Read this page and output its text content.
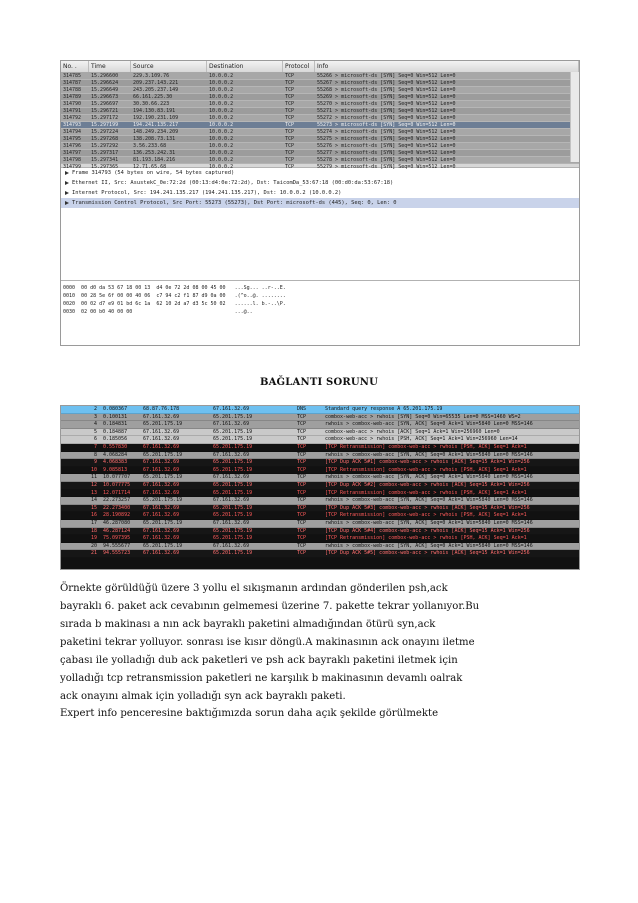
No. .	Time	Source	Destination	Protocol	Info
314785	15.296600	229.3.109.76	10.0.0.2	TCP	55266 > microsoft-ds [SYN] Seq=0 Win=512 Len=0
314787	15.296624	209.237.143.221	10.0.0.2	TCP	55267 > microsoft-ds [SYN] Seq=0 Win=512 Len=0
314788	15.296649	243.205.237.149	10.0.0.2	TCP	55268 > microsoft-ds [SYN] Seq=0 Win=512 Len=0
314789	15.296673	66.161.225.30	10.0.0.2	TCP	55269 > microsoft-ds [SYN] Seq=0 Win=512 Len=0
314790	15.296697	30.30.66.223	10.0.0.2	TCP	55270 > microsoft-ds [SYN] Seq=0 Win=512 Len=0
314791	15.296721	194.130.83.191	10.0.0.2	TCP	55271 > microsoft-ds [SYN] Seq=0 Win=512 Len=0
314792	15.297172	192.190.231.109	10.0.0.2	TCP	55272 > microsoft-ds [SYN] Seq=0 Win=512 Len=0
314793	15.297199	194.241.135.217	10.0.0.2	TCP	55273 > microsoft-ds [SYN] Seq=0 Win=512 Len=0
314794	15.297224	148.249.234.209	10.0.0.2	TCP	55274 > microsoft-ds [SYN] Seq=0 Win=512 Len=0
314795	15.297268	138.208.73.131	10.0.0.2	TCP	55275 > microsoft-ds [SYN] Seq=0 Win=512 Len=0
314796	15.297292	3.56.233.68	10.0.0.2	TCP	55276 > microsoft-ds [SYN] Seq=0 Win=512 Len=0
314797	15.297317	136.253.242.31	10.0.0.2	TCP	55277 > microsoft-ds [SYN] Seq=0 Win=512 Len=0
314798	15.297341	81.193.184.216	10.0.0.2	TCP	55278 > microsoft-ds [SYN] Seq=0 Win=512 Len=0
314799	15.297365	12.71.65.68	10.0.0.2	TCP	55279 > microsoft-ds [SYN] Seq=0 Win=512 Len=0
Frame 314793 (54 bytes on wire, 54 bytes captured)
Ethernet II, Src: AsustekC_0e:72:2d (00:13:d4:0e:72:2d), Dst: TaicomDa_53:67:18 (00:d0:da:53:67:18)
Internet Protocol, Src: 194.241.135.217 (194.241.135.217), Dst: 10.0.0.2 (10.0.0.2)
Transmission Control Protocol, Src Port: 55273 (55273), Dst Port: microsoft-ds (445), Seq: 0, Len: 0
0000  00 d0 da 53 67 18 00 13  d4 0e 72 2d 08 00 45 00   ...Sg... ..r-..E.
0010  00 28 5e 6f 00 00 40 06  c7 94 c2 f1 87 d9 0a 00   .(^o..@. ........
0020  00 02 d7 e9 01 bd 6c 1a  62 10 2d a7 d3 5c 50 02   ......l. b.-..\P.
0030  02 00 b0 40 00 00                                  ...@..
BAĞLANTI SORUNU
2	0.080367	68.87.76.178	67.161.32.69	DNS	Standard query response A 65.201.175.19
3	0.100131	67.161.32.69	65.201.175.19	TCP	combox-web-acc > rwhois [SYN] Seq=0 Win=65535 Len=0 MSS=1460 WS=2
4	0.184831	65.201.175.19	67.161.32.69	TCP	rwhois > combox-web-acc [SYN, ACK] Seq=0 Ack=1 Win=5840 Len=0 MSS=146
5	0.184887	67.161.32.69	65.201.175.19	TCP	combox-web-acc > rwhois [ACK] Seq=1 Ack=1 Win=256960 Len=0
6	0.185056	67.161.32.69	65.201.175.19	TCP	combox-web-acc > rwhois [PSH, ACK] Seq=1 Ack=1 Win=256960 Len=14
7	0.557830	67.161.32.69	65.201.175.19	TCP	[TCP Retransmission] combox-web-acc > rwhois [PSH, ACK] Seq=1 Ack=1
8	4.068284	65.201.175.19	67.161.32.69	TCP	rwhois > combox-web-acc [SYN, ACK] Seq=0 Ack=1 Win=5840 Len=0 MSS=146
9	4.068383	67.161.32.69	65.201.175.19	TCP	[TCP Dup ACK 5#1] combox-web-acc > rwhois [ACK] Seq=15 Ack=1 Win=256
10	9.085813	67.161.32.69	65.201.175.19	TCP	[TCP Retransmission] combox-web-acc > rwhois [PSH, ACK] Seq=1 Ack=1
11	10.077707	65.201.175.19	67.161.32.69	TCP	rwhois > combox-web-acc [SYN, ACK] Seq=0 Ack=1 Win=5840 Len=0 MSS=146
12	10.077775	67.161.32.69	65.201.175.19	TCP	[TCP Dup ACK 5#2] combox-web-acc > rwhois [ACK] Seq=15 Ack=1 Win=256
13	12.071714	67.161.32.69	65.201.175.19	TCP	[TCP Retransmission] combox-web-acc > rwhois [PSH, ACK] Seq=1 Ack=1
14	22.273257	65.201.175.19	67.161.32.69	TCP	rwhois > combox-web-acc [SYN, ACK] Seq=0 Ack=1 Win=5840 Len=0 MSS=146
15	22.273400	67.161.32.69	65.201.175.19	TCP	[TCP Dup ACK 5#3] combox-web-acc > rwhois [ACK] Seq=15 Ack=1 Win=256
16	28.190892	67.161.32.69	65.201.175.19	TCP	[TCP Retransmission] combox-web-acc > rwhois [PSH, ACK] Seq=1 Ack=1
17	46.287080	65.201.175.19	67.161.32.69	TCP	rwhois > combox-web-acc [SYN, ACK] Seq=0 Ack=1 Win=5840 Len=0 MSS=146
18	46.287124	67.161.32.69	65.201.175.19	TCP	[TCP Dup ACK 5#4] combox-web-acc > rwhois [ACK] Seq=15 Ack=1 Win=256
19	75.097395	67.161.32.69	65.201.175.19	TCP	[TCP Retransmission] combox-web-acc > rwhois [PSH, ACK] Seq=1 Ack=1
20	94.555677	65.201.175.19	67.161.32.69	TCP	rwhois > combox-web-acc [SYN, ACK] Seq=0 Ack=1 Win=5840 Len=0 MSS=146
21	94.555723	67.161.32.69	65.201.175.19	TCP	[TCP Dup ACK 5#5] combox-web-acc > rwhois [ACK] Seq=15 Ack=1 Win=256
Örnekte görüldüğü üzere 3 yollu el sıkışmanın ardından gönderilen psh,ack
bayraklı 6. paket ack cevabının gelmemesi üzerine 7. pakette tekrar yollanıyor.Bu
sırada b makinası a nın ack bayraklı paketini almadığından ötürü syn,ack
paketini tekrar yolluyor. sonrası ise kısır döngü.A makinasının ack onayını iletme
çabası ile yolladığı dub ack paketleri ve psh ack bayraklı paketini iletmek için
yolladığı tcp retransmission paketleri ne karşılık b makinasının devamlı oalrak
ack onayını almak için yolladığı syn ack bayraklı paketi.
Expert info penceresine baktığımızda sorun daha açık şekilde görülmekte
